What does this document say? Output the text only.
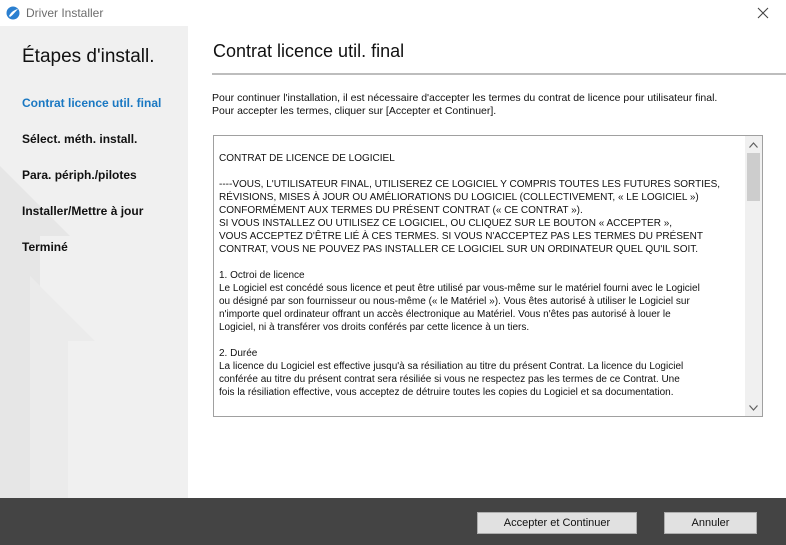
Driver Installer
Étapes d'install.
Contrat licence util. final
Sélect. méth. install.
Para. périph./pilotes
Installer/Mettre à jour
Terminé
Contrat licence util. final

Pour continuer l'installation, il est nécessaire d'accepter les termes du contrat de licence pour utilisateur final.

Pour accepter les termes, cliquer sur [Accepter et Continuer].

CONTRAT DE LICENCE DE LOGICIEL

----VOUS, L'UTILISATEUR FINAL, UTILISEREZ CE LOGICIEL Y COMPRIS TOUTES LES FUTURES SORTIES,
RÉVISIONS, MISES À JOUR OU AMÉLIORATIONS DU LOGICIEL (COLLECTIVEMENT, « LE LOGICIEL »)
CONFORMÉMENT AUX TERMES DU PRÉSENT CONTRAT (« CE CONTRAT »).
SI VOUS INSTALLEZ OU UTILISEZ CE LOGICIEL, OU CLIQUEZ SUR LE BOUTON « ACCEPTER »,
VOUS ACCEPTEZ D'ÊTRE LIÉ À CES TERMES. SI VOUS N'ACCEPTEZ PAS LES TERMES DU PRÉSENT
CONTRAT, VOUS NE POUVEZ PAS INSTALLER CE LOGICIEL SUR UN ORDINATEUR QUEL QU'IL SOIT.

1. Octroi de licence
Le Logiciel est concédé sous licence et peut être utilisé par vous-même sur le matériel fourni avec le Logiciel
ou désigné par son fournisseur ou nous-même (« le Matériel »). Vous êtes autorisé à utiliser le Logiciel sur
n'importe quel ordinateur offrant un accès électronique au Matériel. Vous n'êtes pas autorisé à louer le
Logiciel, ni à transférer vos droits conférés par cette licence à un tiers.

2. Durée
La licence du Logiciel est effective jusqu'à sa résiliation au titre du présent Contrat. La licence du Logiciel
conférée au titre du présent contrat sera résiliée si vous ne respectez pas les termes de ce Contrat. Une
fois la résiliation effective, vous acceptez de détruire toutes les copies du Logiciel et sa documentation.

Accepter et Continuer	Annuler
